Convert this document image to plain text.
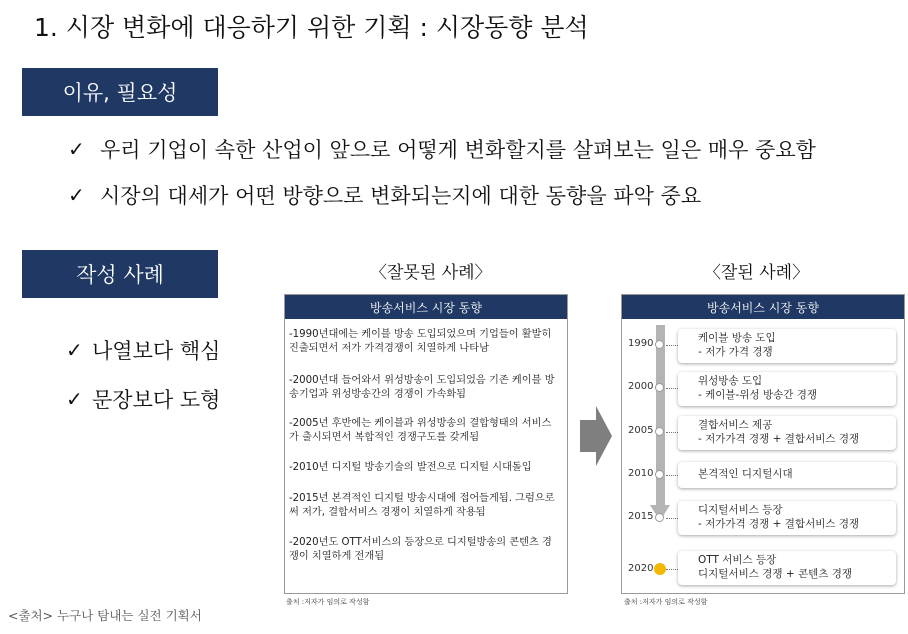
1. 시장 변화에 대응하기 위한 기획 : 시장동향 분석
이유, 필요성
✓ 우리 기업이 속한 산업이 앞으로 어떻게 변화할지를 살펴보는 일은 매우 중요함
✓ 시장의 대세가 어떤 방향으로 변화되는지에 대한 동향을 파악 중요
작성 사례
✓ 나열보다 핵심
✓ 문장보다 도형
〈잘못된 사례〉
방송서비스 시장 동향
-1990년대에는 케이블 방송 도입되었으며 기업들이 활발히 진출되면서 저가 가격경쟁이 치열하게 나타남
-2000년대 들어와서 위성방송이 도입되었음 기존 케이블 방송기업과 위성방송간의 경쟁이 가속화됨
-2005년 후반에는 케이블과 위성방송의 결합형태의 서비스가 출시되면서 복합적인 경쟁구도를 갖게됨
-2010년 디지털 방송기술의 발전으로 디지털 시대돌입
-2015년 본격적인 디지털 방송시대에 접어들게됨. 그럼으로써 저가, 결합서비스 경쟁이 치열하게 작용됨
-2020년도 OTT서비스의 등장으로 디지털방송의 콘텐츠 경쟁이 치열하게 전개됨
출처 :저자가 임의로 작성함
〈잘된 사례〉
방송서비스 시장 동향
1990	케이블 방송 도입
- 저가 가격 경쟁
2000	위성방송 도입
- 케이블-위성 방송간 경쟁
2005	결합서비스 제공
- 저가가격 경쟁 + 결합서비스 경쟁
2010	본격적인 디지털시대
2015
디지털서비스 등장
- 저가가격 경쟁 + 결합서비스 경쟁
2020
OTT 서비스 등장
디지털서비스 경쟁 + 콘텐츠 경쟁
출처 :저자가 임의로 작성함
<출처> 누구나 탐내는 실전 기획서
